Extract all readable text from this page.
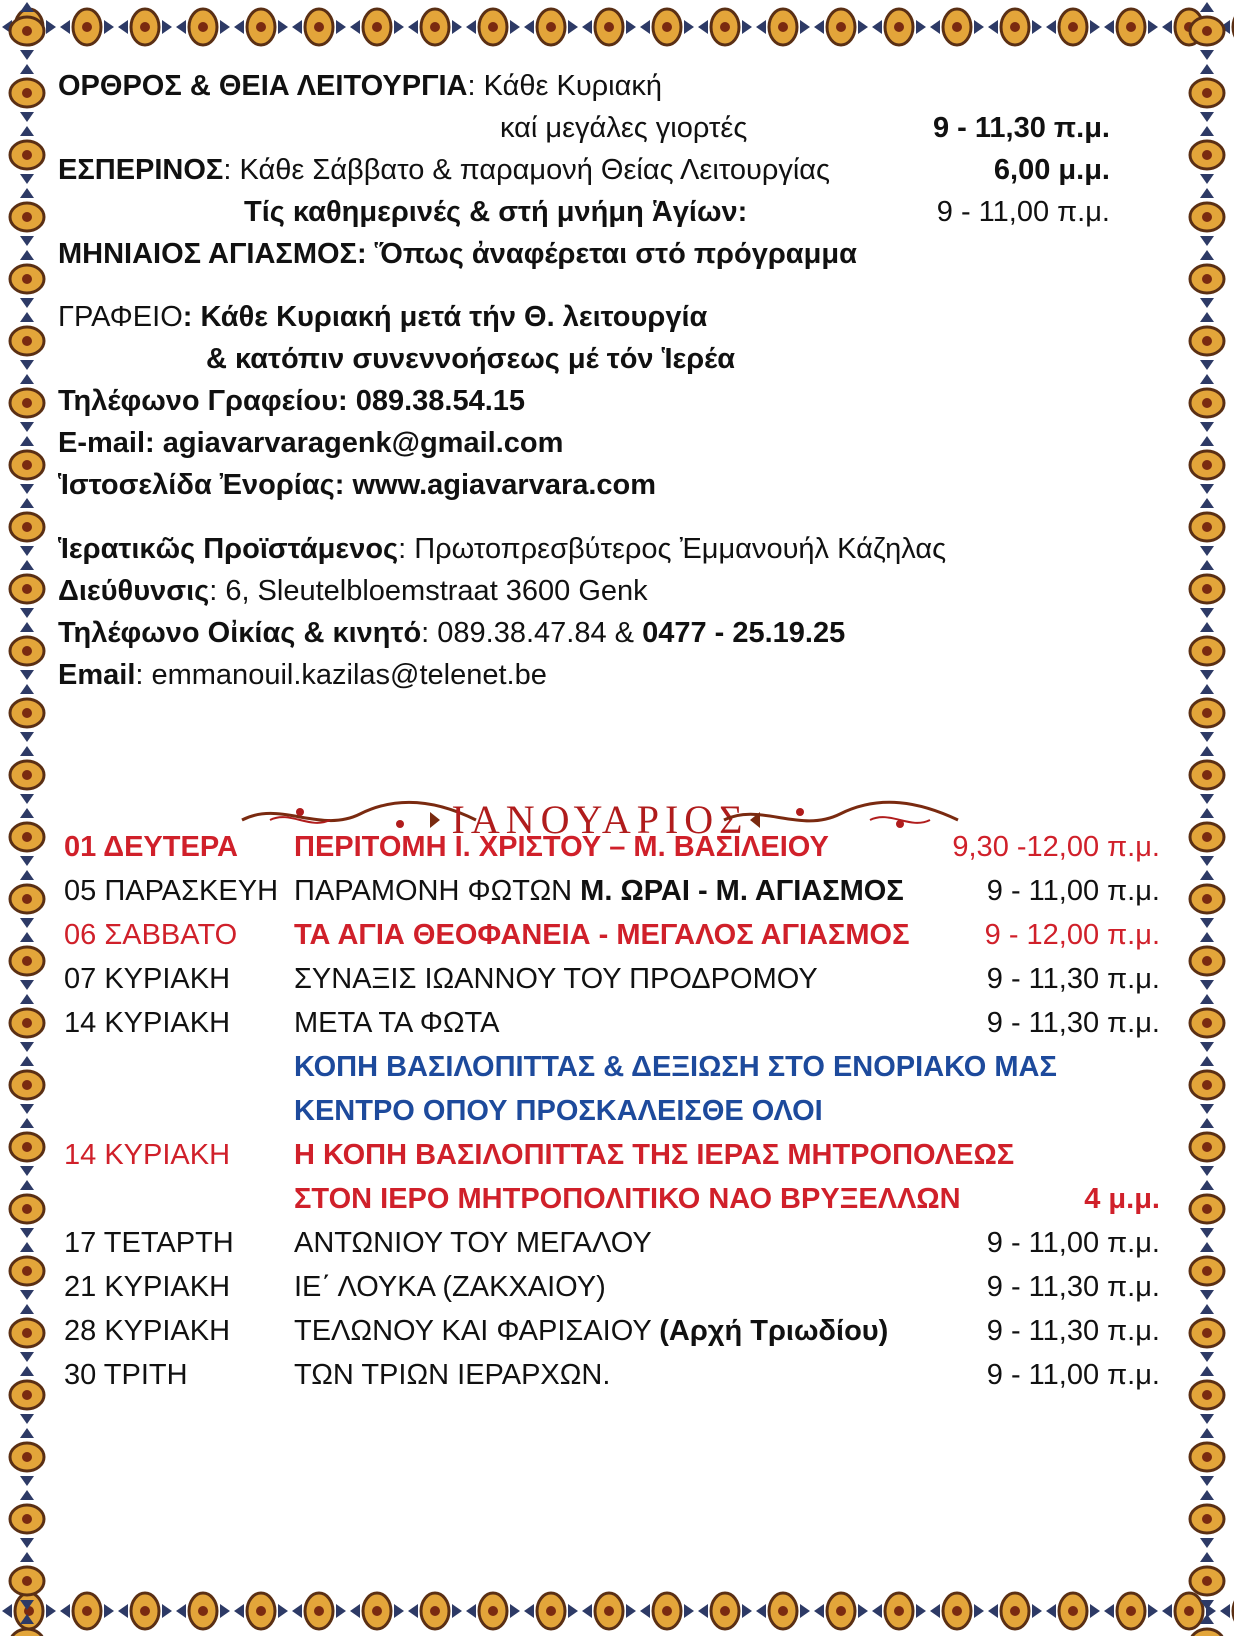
ΟΡΘΡΟΣ & ΘΕΙΑ ΛΕΙΤΟΥΡΓΙΑ: Κάθε Κυριακή
καί μεγάλες γιορτές	9 - 11,30 π.μ.
ΕΣΠΕΡΙΝΟΣ: Κάθε Σάββατο & παραμονή Θείας Λειτουργίας	6,00 μ.μ.
Τίς καθημερινές & στή μνήμη Ἁγίων:	9 - 11,00 π.μ.
ΜΗΝΙΑΙΟΣ ΑΓΙΑΣΜΟΣ: Ὅπως ἀναφέρεται στό πρόγραμμα
ΓΡΑΦΕΙΟ: Κάθε Κυριακή μετά τήν Θ. λειτουργία
& κατόπιν συνεννοήσεως μέ τόν Ἱερέα
Τηλέφωνο Γραφείου: 089.38.54.15
E-mail: agiavarvaragenk@gmail.com
Ἱστοσελίδα Ἐνορίας: www.agiavarvara.com
Ἱερατικῶς Προϊστάμενος: Πρωτοπρεσβύτερος Ἐμμανουήλ Κάζηλας
Διεύθυνσις: 6, Sleutelbloemstraat 3600 Genk
Τηλέφωνο Οἰκίας & κινητό: 089.38.47.84 & 0477 - 25.19.25
Email: emmanouil.kazilas@telenet.be
ΙΑΝΟΥΑΡΙΟΣ
01 ΔΕΥΤΕΡΑ ΠΕΡΙΤΟΜΗ Ι. ΧΡΙΣΤΟΥ – Μ. ΒΑΣΙΛΕΙΟΥ	9,30 -12,00 π.μ.
05 ΠΑΡΑΣΚΕΥΗ ΠΑΡΑΜΟΝΗ ΦΩΤΩΝ Μ. ΩΡΑΙ - Μ. ΑΓΙΑΣΜΟΣ	9 - 11,00 π.μ.
06 ΣΑΒΒΑΤΟ ΤΑ ΑΓΙΑ ΘΕΟΦΑΝΕΙΑ - ΜΕΓΑΛΟΣ ΑΓΙΑΣΜΟΣ	9 - 12,00 π.μ.
07 ΚΥΡΙΑΚΗ ΣΥΝΑΞΙΣ ΙΩΑΝΝΟΥ ΤΟΥ ΠΡΟΔΡΟΜΟΥ	9 - 11,30 π.μ.
14 ΚΥΡΙΑΚΗ ΜΕΤΑ ΤΑ ΦΩΤΑ	9 - 11,30 π.μ.
ΚΟΠΗ ΒΑΣΙΛΟΠΙΤΤΑΣ & ΔΕΞΙΩΣΗ ΣΤΟ ΕΝΟΡΙΑΚΟ ΜΑΣ
ΚΕΝΤΡΟ ΟΠΟΥ ΠΡΟΣΚΑΛΕΙΣΘΕ ΟΛΟΙ
14 ΚΥΡΙΑΚΗ Η ΚΟΠΗ ΒΑΣΙΛΟΠΙΤΤΑΣ ΤΗΣ ΙΕΡΑΣ ΜΗΤΡΟΠΟΛΕΩΣ
ΣΤΟΝ ΙΕΡΟ ΜΗΤΡΟΠΟΛΙΤΙΚΟ ΝΑΟ ΒΡΥΞΕΛΛΩΝ	4 μ.μ.
17 ΤΕΤΑΡΤΗ ΑΝΤΩΝΙΟΥ ΤΟΥ ΜΕΓΑΛΟΥ	9 - 11,00 π.μ.
21 ΚΥΡΙΑΚΗ ΙΕ΄ ΛΟΥΚΑ (ΖΑΚΧΑΙΟΥ)	9 - 11,30 π.μ.
28 ΚΥΡΙΑΚΗ ΤΕΛΩΝΟΥ ΚΑΙ ΦΑΡΙΣΑΙΟΥ (Αρχή Τριωδίου)	9 - 11,30 π.μ.
30 ΤΡΙΤΗ	ΤΩΝ ΤΡΙΩΝ ΙΕΡΑΡΧΩΝ.	9 - 11,00 π.μ.
